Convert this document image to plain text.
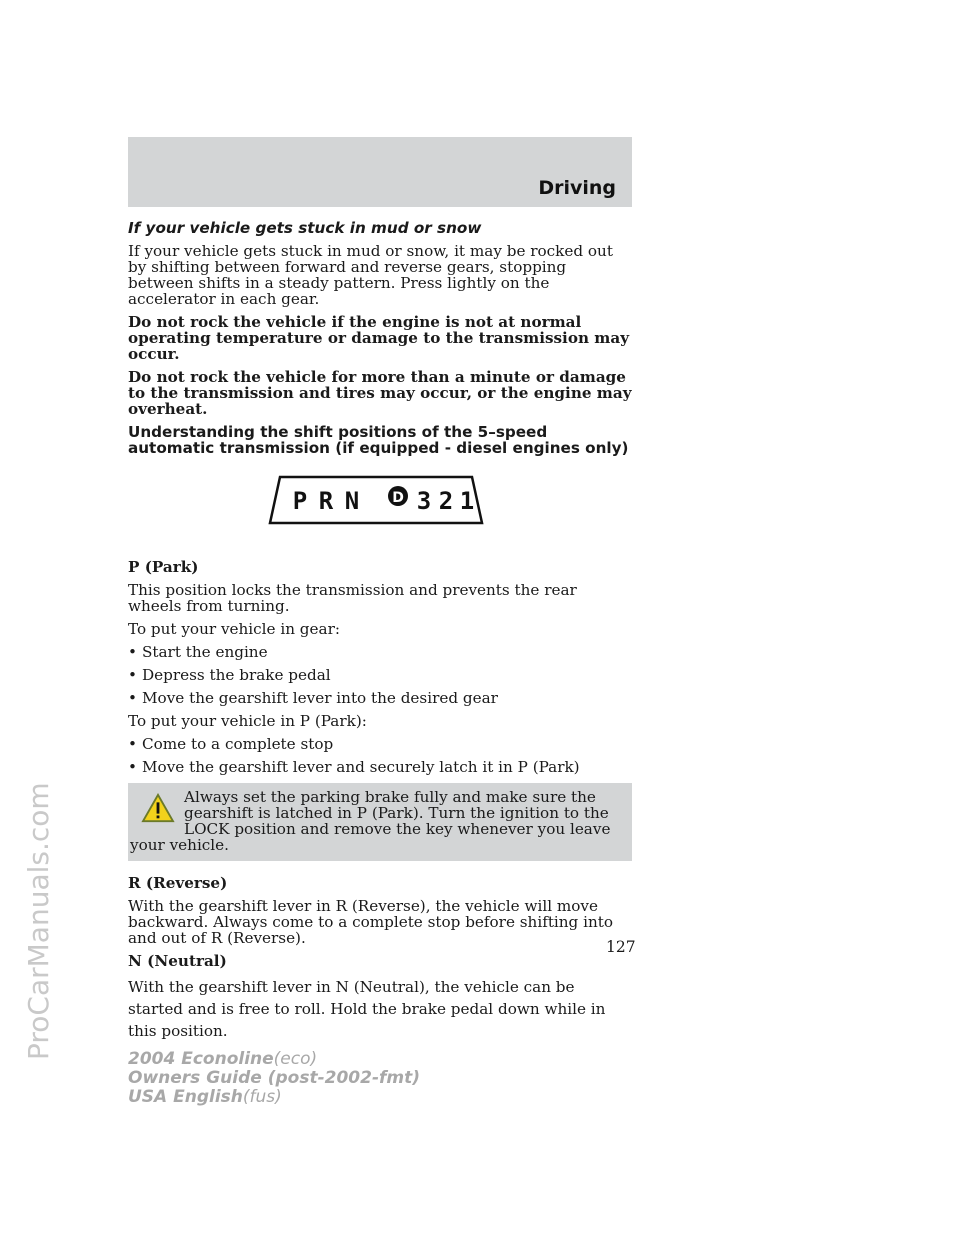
Driving
ProCarManuals.com

If your vehicle gets stuck in mud or snow

If your vehicle gets stuck in mud or snow, it may be rocked out by shifting between forward and reverse gears, stopping between shifts in a steady pattern. Press lightly on the accelerator in each gear.

Do not rock the vehicle if the engine is not at normal operating temperature or damage to the transmission may occur.

Do not rock the vehicle for more than a minute or damage to the transmission and tires may occur, or the engine may overheat.

Understanding the shift positions of the 5–speed automatic transmission (if equipped - diesel engines only)

P R N D 3 2 1

P (Park)

This position locks the transmission and prevents the rear wheels from turning.

To put your vehicle in gear:

• Start the engine

• Depress the brake pedal

• Move the gearshift lever into the desired gear

To put your vehicle in P (Park):

• Come to a complete stop

• Move the gearshift lever and securely latch it in P (Park)

Always set the parking brake fully and make sure the gearshift is latched in P (Park). Turn the ignition to the LOCK position and remove the key whenever you leave your vehicle.

R (Reverse)

With the gearshift lever in R (Reverse), the vehicle will move backward. Always come to a complete stop before shifting into and out of R (Reverse).

N (Neutral)

With the gearshift lever in N (Neutral), the vehicle can be started and is free to roll. Hold the brake pedal down while in this position.

127
2004 Econoline(eco)
Owners Guide (post-2002-fmt)
USA English(fus)
